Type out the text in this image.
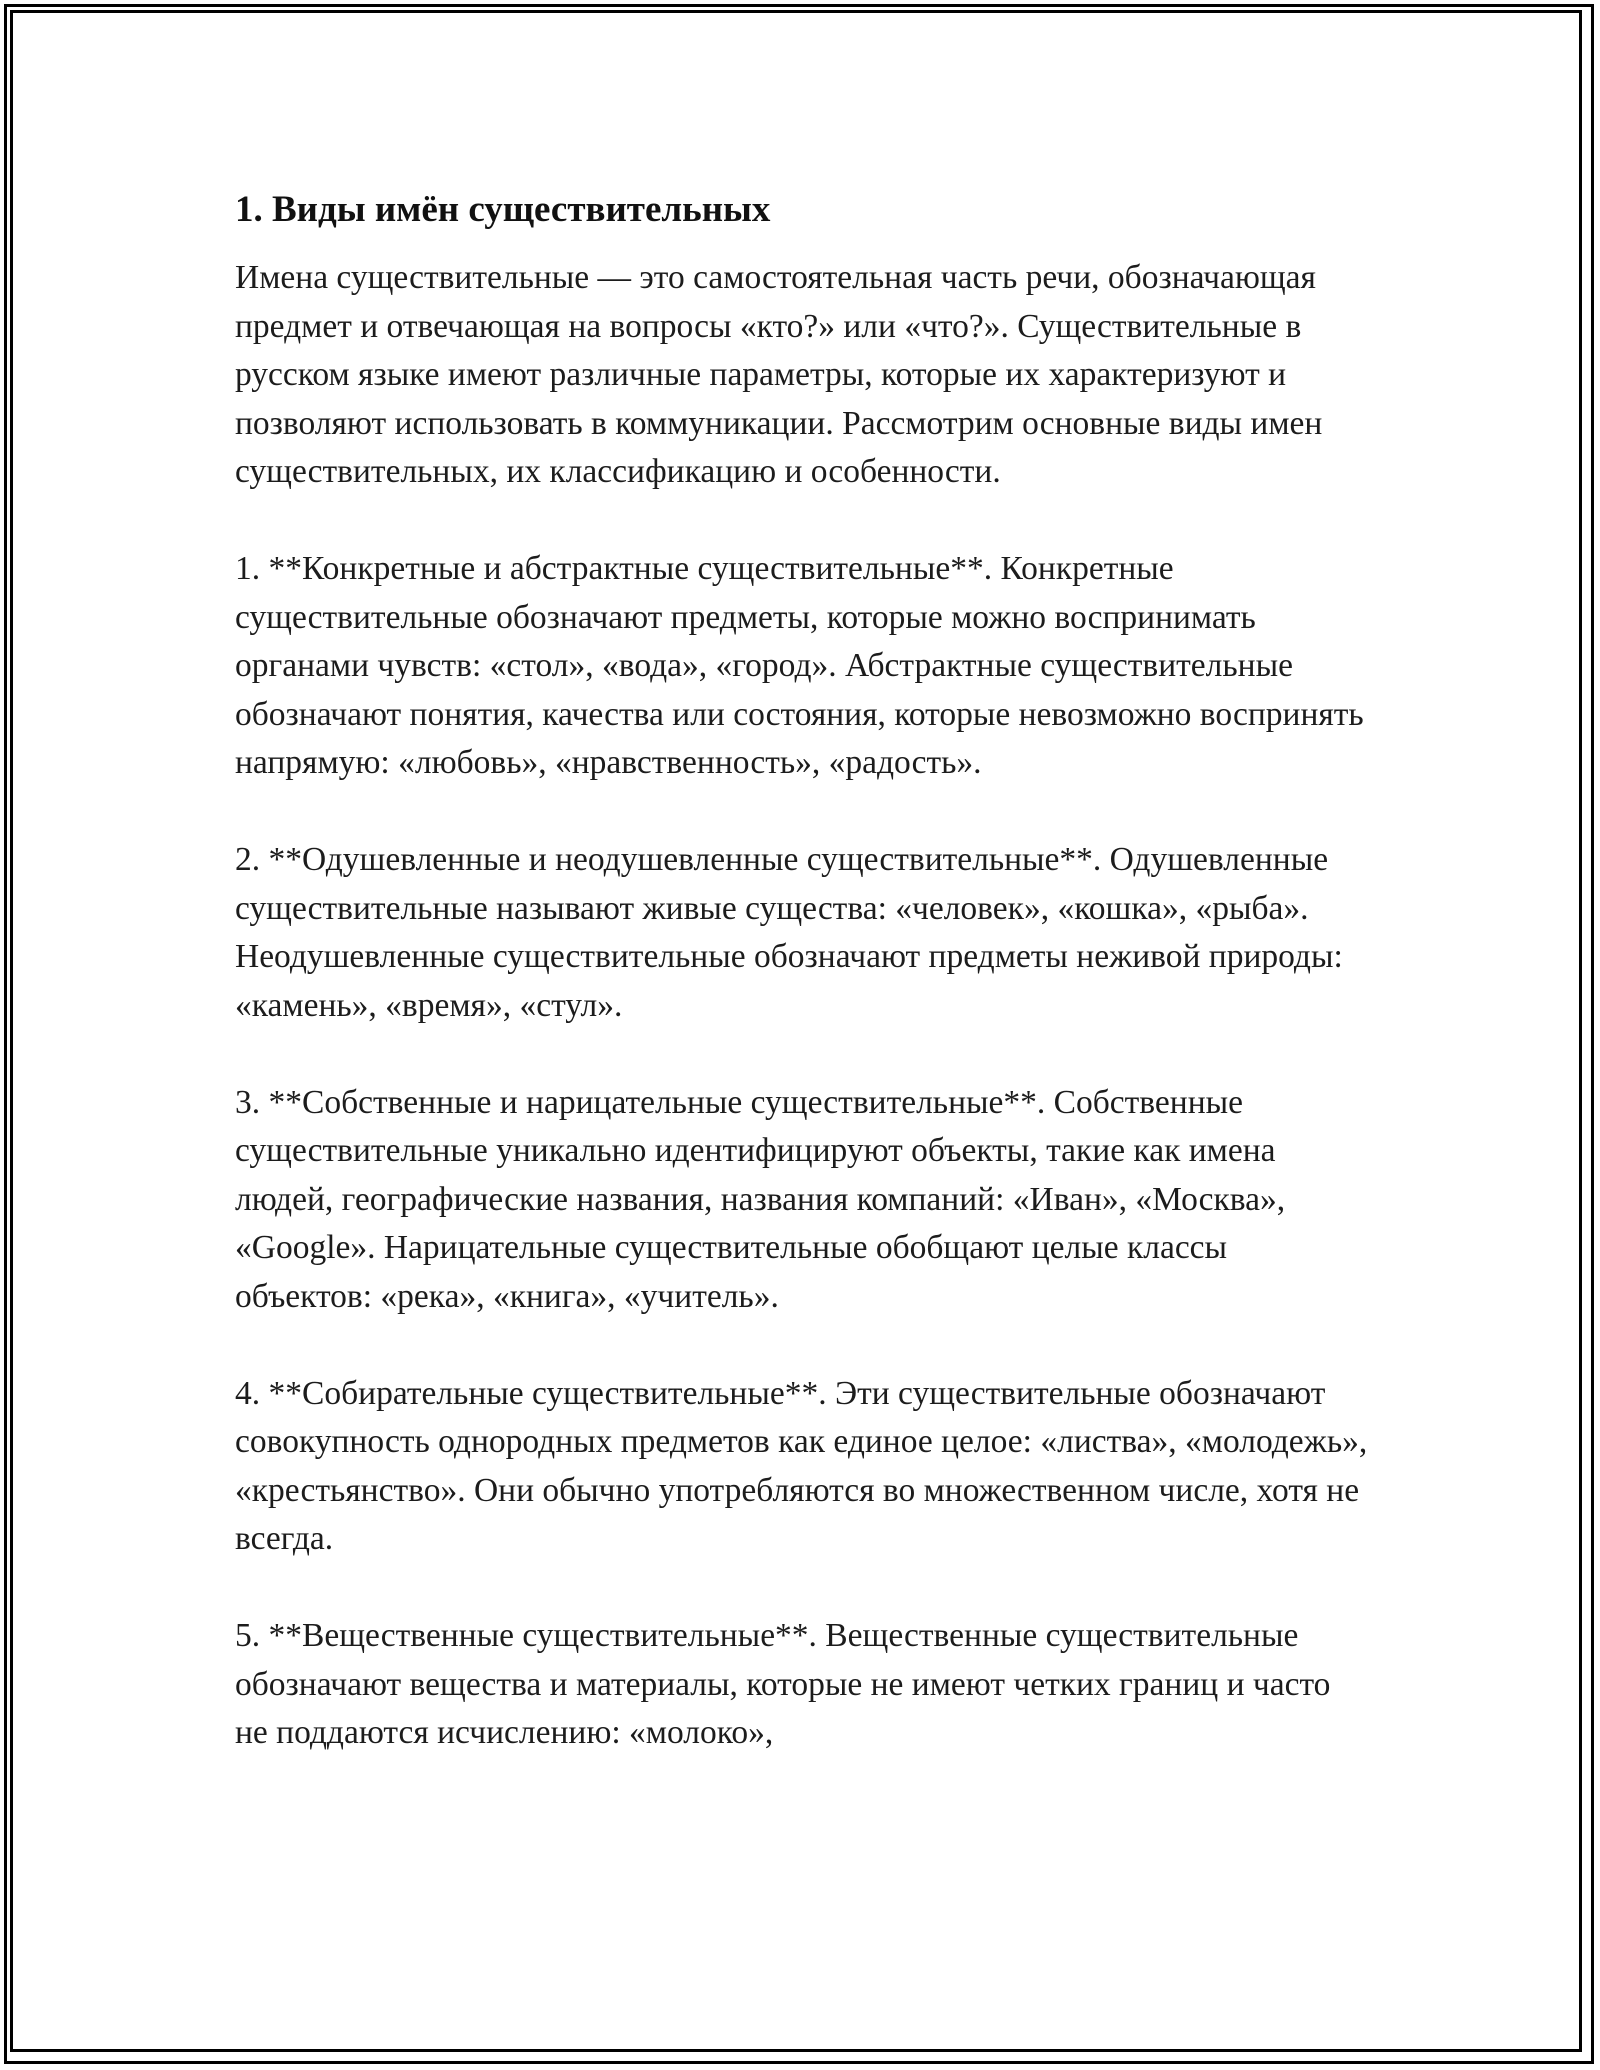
1. Виды имён существительных

Имена существительные — это самостоятельная часть речи, обозначающая предмет и отвечающая на вопросы «кто?» или «что?». Существительные в русском языке имеют различные параметры, которые их характеризуют и позволяют использовать в коммуникации. Рассмотрим основные виды имен существительных, их классификацию и особенности.

1. **Конкретные и абстрактные существительные**. Конкретные существительные обозначают предметы, которые можно воспринимать органами чувств: «стол», «вода», «город». Абстрактные существительные обозначают понятия, качества или состояния, которые невозможно воспринять напрямую: «любовь», «нравственность», «радость».

2. **Одушевленные и неодушевленные существительные**. Одушевленные существительные называют живые существа: «человек», «кошка», «рыба». Неодушевленные существительные обозначают предметы неживой природы: «камень», «время», «стул».

3. **Собственные и нарицательные существительные**. Собственные существительные уникально идентифицируют объекты, такие как имена людей, географические названия, названия компаний: «Иван», «Москва», «Google». Нарицательные существительные обобщают целые классы объектов: «река», «книга», «учитель».

4. **Собирательные существительные**. Эти существительные обозначают совокупность однородных предметов как единое целое: «листва», «молодежь», «крестьянство». Они обычно употребляются во множественном числе, хотя не всегда.

5. **Вещественные существительные**. Вещественные существительные обозначают вещества и материалы, которые не имеют четких границ и часто не поддаются исчислению: «молоко»,
